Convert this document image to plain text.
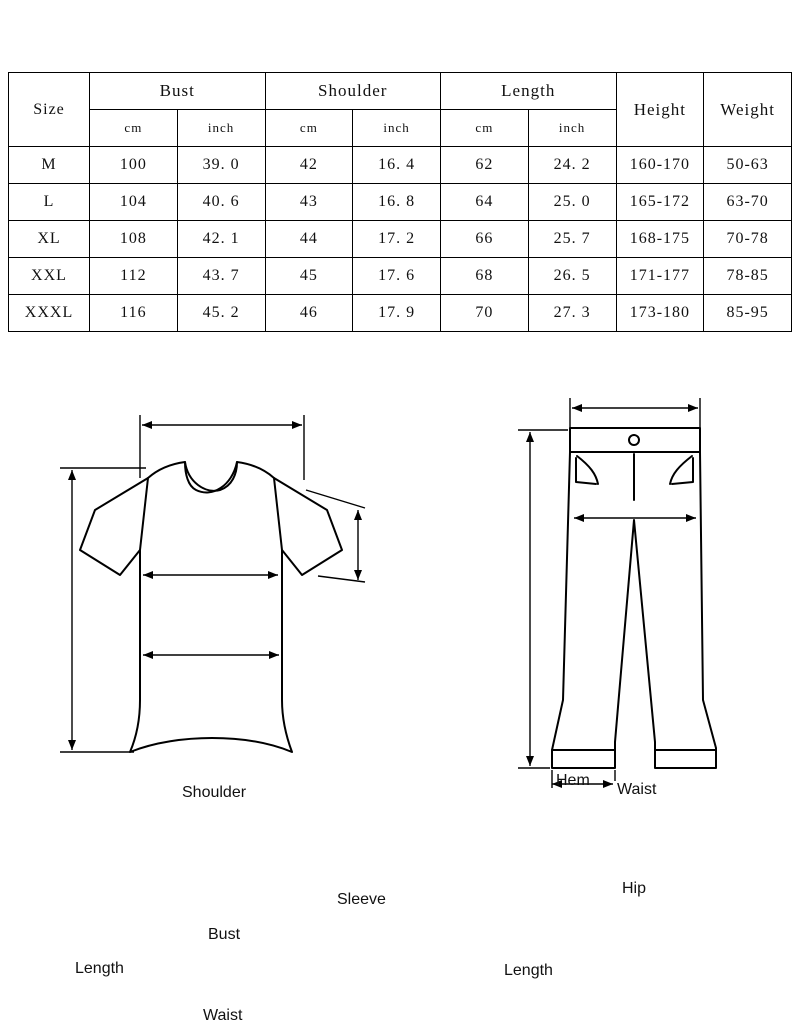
Size	Bust		Shoulder		Length		Height	Weight
	cm	inch	cm	inch	cm	inch		
M	100	39. 0	42	16. 4	62	24. 2	160-170	50-63
L	104	40. 6	43	16. 8	64	25. 0	165-172	63-70
XL	108	42. 1	44	17. 2	66	25. 7	168-175	70-78
XXL	112	43. 7	45	17. 6	68	26. 5	171-177	78-85
XXXL	116	45. 2	46	17. 9	70	27. 3	173-180	85-95
Shoulder
Sleeve
Bust
Waist
Length
Waist
Hip
Length
Hem
